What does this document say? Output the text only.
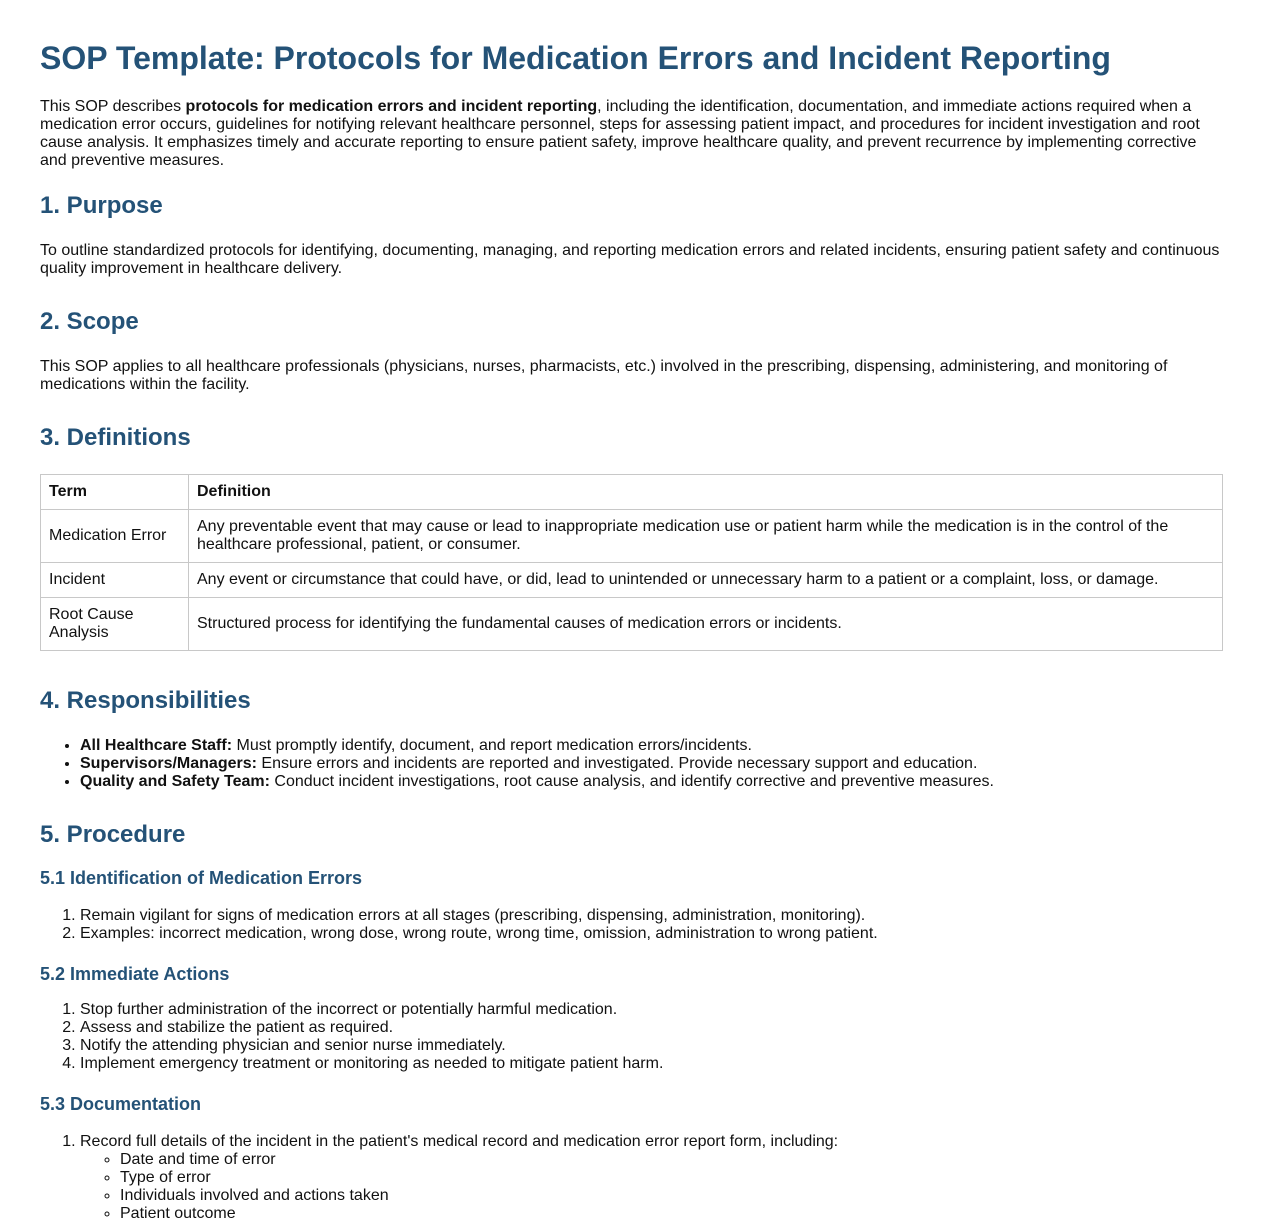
SOP Template: Protocols for Medication Errors and Incident Reporting

This SOP describes protocols for medication errors and incident reporting, including the identification, documentation, and immediate actions required when a medication error occurs, guidelines for notifying relevant healthcare personnel, steps for assessing patient impact, and procedures for incident investigation and root cause analysis. It emphasizes timely and accurate reporting to ensure patient safety, improve healthcare quality, and prevent recurrence by implementing corrective and preventive measures.

1. Purpose

To outline standardized protocols for identifying, documenting, managing, and reporting medication errors and related incidents, ensuring patient safety and continuous quality improvement in healthcare delivery.

2. Scope

This SOP applies to all healthcare professionals (physicians, nurses, pharmacists, etc.) involved in the prescribing, dispensing, administering, and monitoring of medications within the facility.

3. Definitions
Term	Definition
Medication Error	Any preventable event that may cause or lead to inappropriate medication use or patient harm while the medication is in the control of the healthcare professional, patient, or consumer.
Incident	Any event or circumstance that could have, or did, lead to unintended or unnecessary harm to a patient or a complaint, loss, or damage.
Root Cause Analysis	Structured process for identifying the fundamental causes of medication errors or incidents.
4. Responsibilities
• All Healthcare Staff: Must promptly identify, document, and report medication errors/incidents.
• Supervisors/Managers: Ensure errors and incidents are reported and investigated. Provide necessary support and education.
• Quality and Safety Team: Conduct incident investigations, root cause analysis, and identify corrective and preventive measures.
5. Procedure
5.1 Identification of Medication Errors
1. Remain vigilant for signs of medication errors at all stages (prescribing, dispensing, administration, monitoring).
2. Examples: incorrect medication, wrong dose, wrong route, wrong time, omission, administration to wrong patient.
5.2 Immediate Actions
1. Stop further administration of the incorrect or potentially harmful medication.
2. Assess and stabilize the patient as required.
3. Notify the attending physician and senior nurse immediately.
4. Implement emergency treatment or monitoring as needed to mitigate patient harm.
5.3 Documentation
1. Record full details of the incident in the patient's medical record and medication error report form, including:
◦ Date and time of error
◦ Type of error
◦ Individuals involved and actions taken
◦ Patient outcome
